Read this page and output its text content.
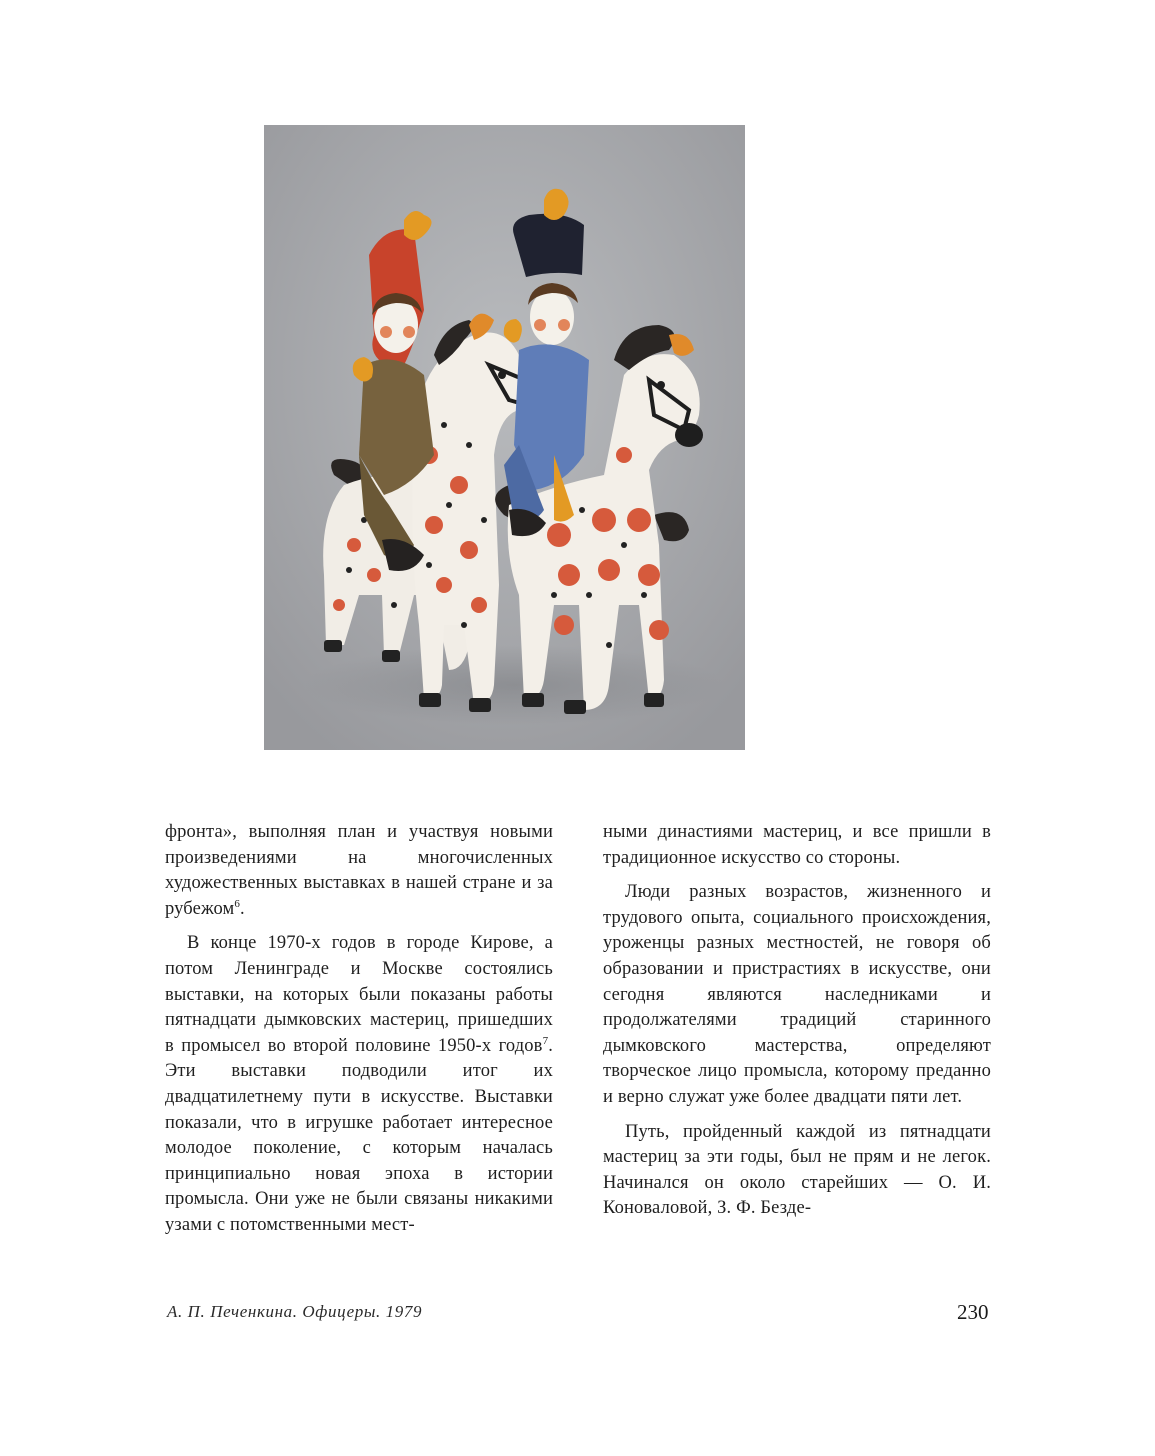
фронта», выполняя план и участвуя новыми произведениями на многочисленных художественных выставках в нашей стране и за рубежом$^6$.

В конце 1970-х годов в городе Кирове, а потом Ленинграде и Москве состоялись выставки, на которых были показаны работы пятнадцати дымковских мастериц, пришедших в промысел во второй половине 1950-х годов$^7$. Эти выставки подводили итог их двадцатилетнему пути в искусстве. Выставки показали, что в игрушке работает интересное молодое поколение, с которым началась принципиально новая эпоха в истории промысла. Они уже не были связаны никакими узами с потомственными мест-

ными династиями мастериц, и все пришли в традиционное искусство со стороны.

Люди разных возрастов, жизненного и трудового опыта, социального происхождения, уроженцы разных местностей, не говоря об образовании и пристрастиях в искусстве, они сегодня являются наследниками и продолжателями традиций старинного дымковского мастерства, определяют творческое лицо промысла, которому преданно и верно служат уже более двадцати пяти лет.

Путь, пройденный каждой из пятнадцати мастериц за эти годы, был не прям и не легок. Начинался он около старейших — О. И. Коноваловой, З. Ф. Безде-

А. П. Печенкина. Офицеры. 1979	230
